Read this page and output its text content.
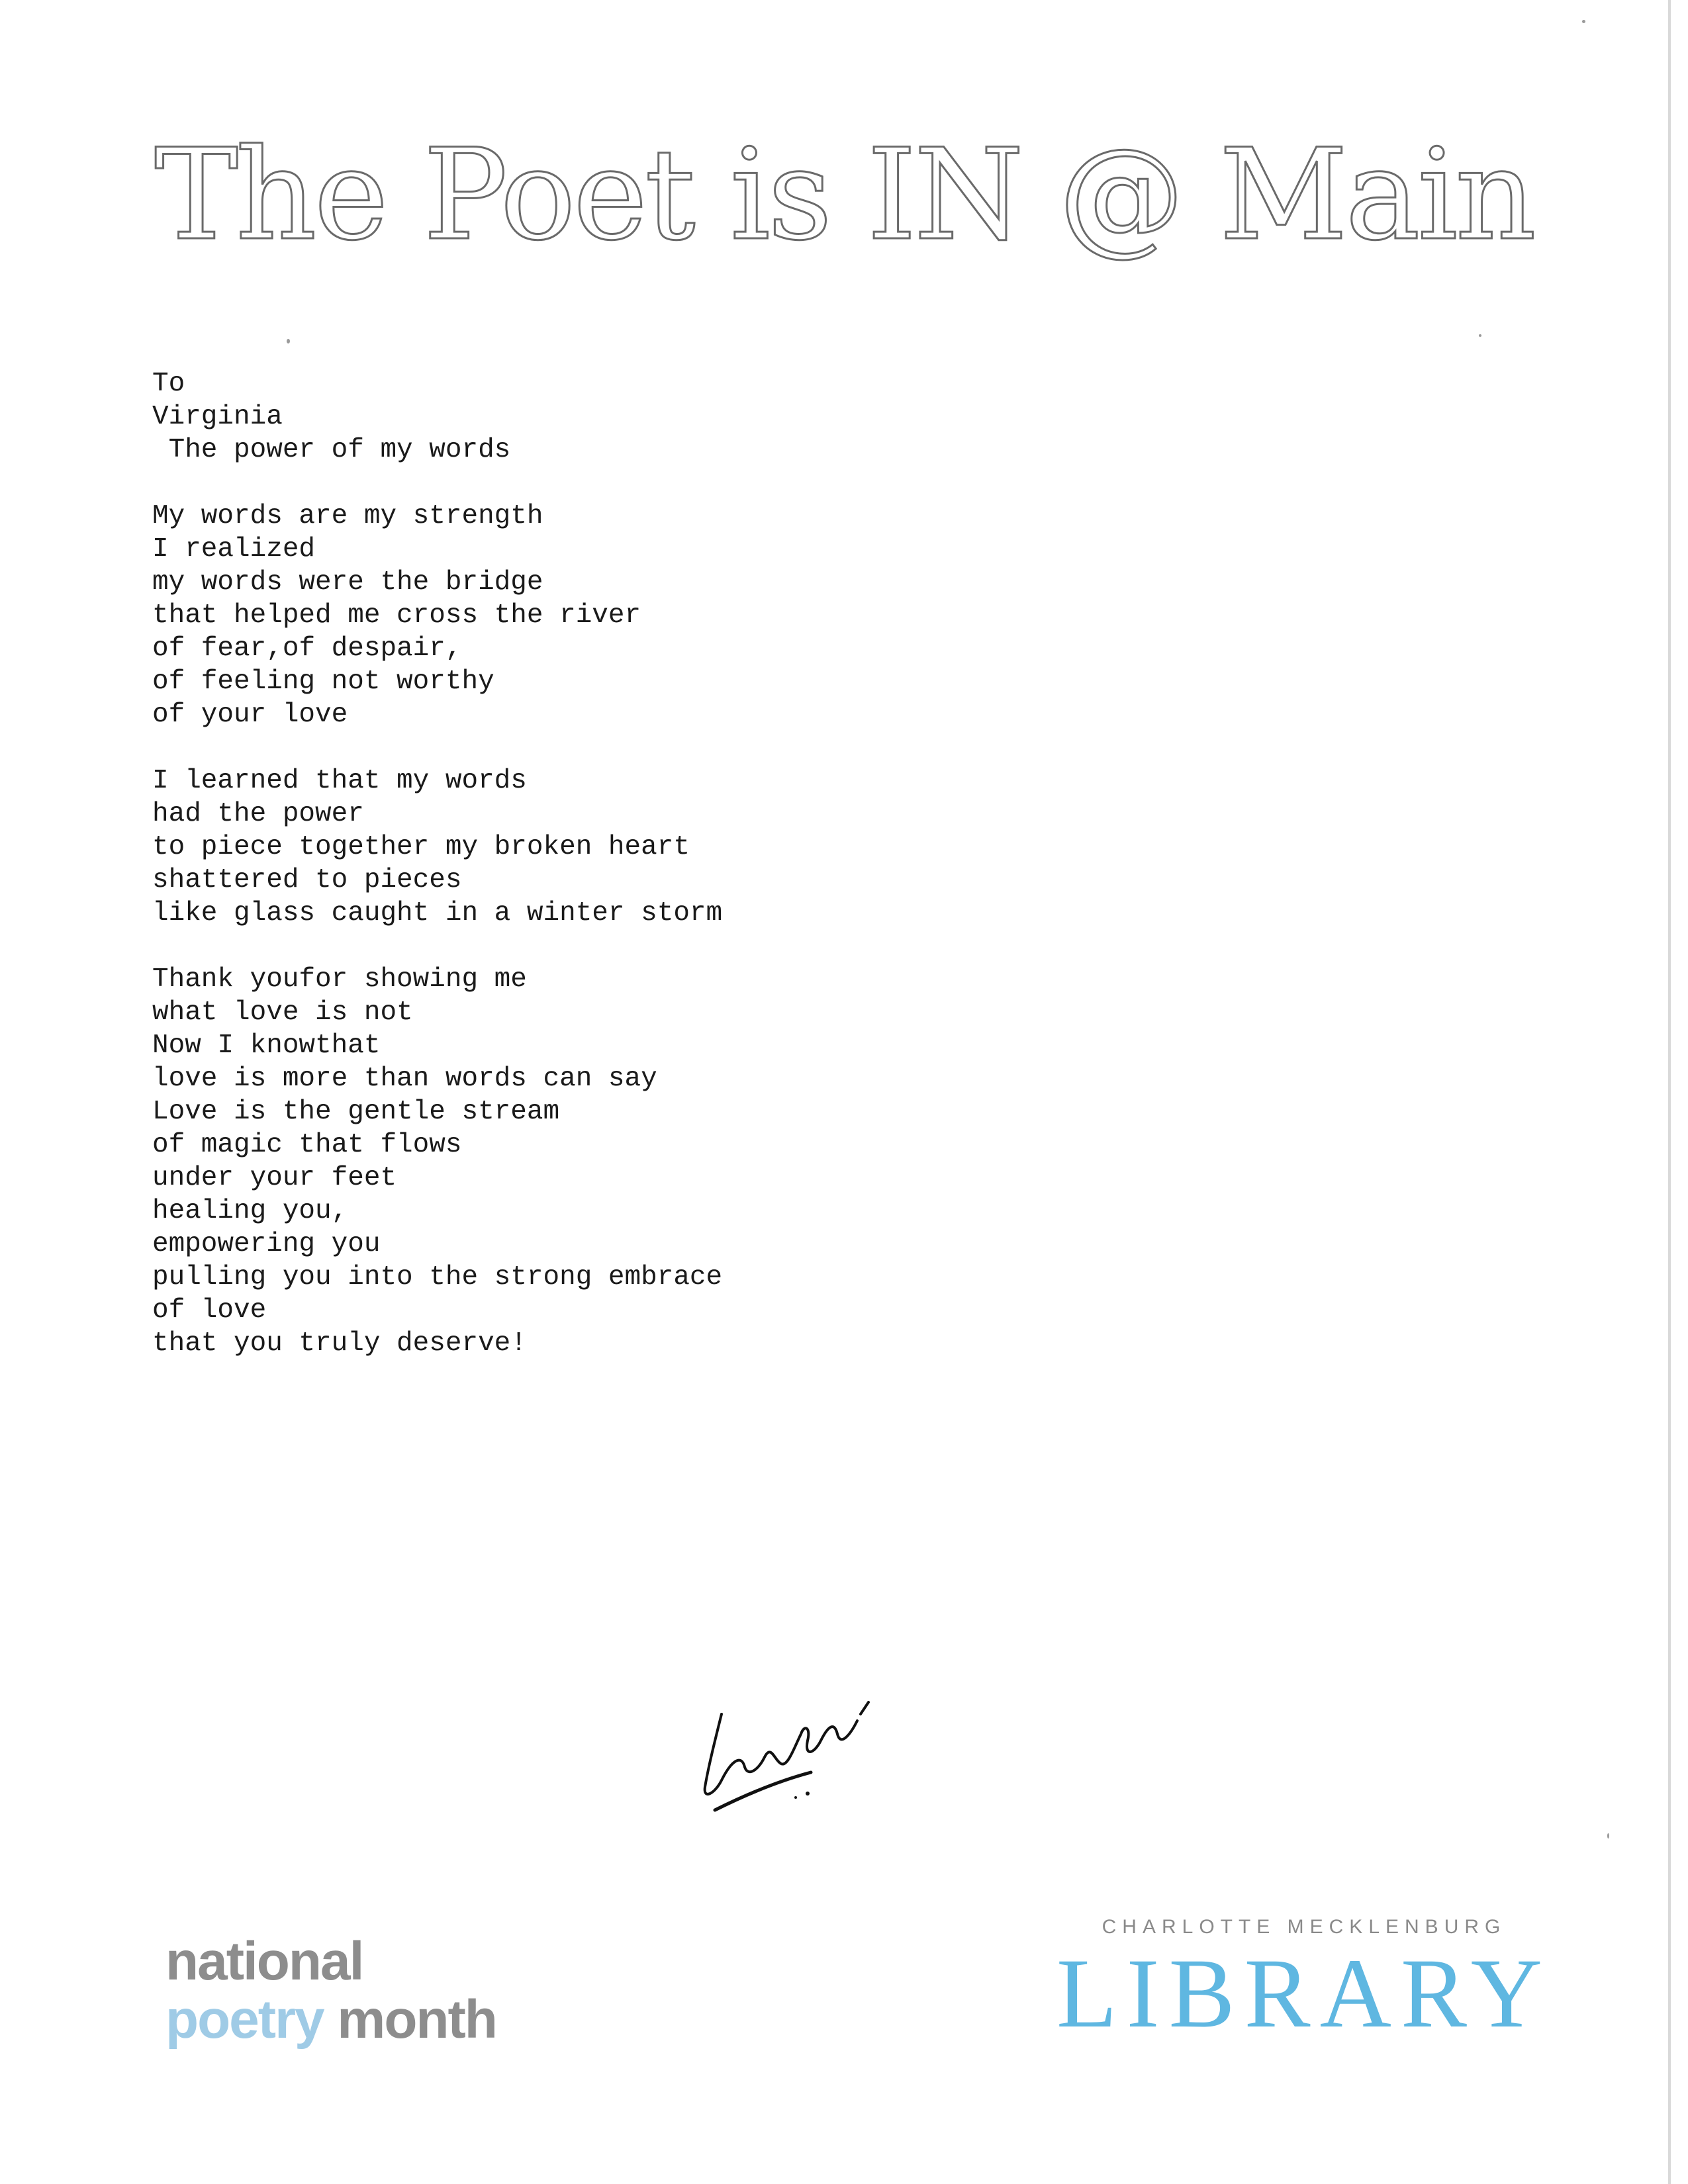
The Poet is IN @ Main
To
Virginia
The power of my words
My words are my strength
I realized
my words were the bridge
that helped me cross the river
of fear,of despair,
of feeling not worthy
of your love
I learned that my words
had the power
to piece together my broken heart
shattered to pieces
like glass caught in a winter storm
Thank youfor showing me
what love is not
Now I knowthat
love is more than words can say
Love is the gentle stream
of magic that flows
under your feet
healing you,
empowering you
pulling you into the strong embrace
of love
that you truly deserve!
national
poetry month
CHARLOTTE MECKLENBURG
LIBRARY
